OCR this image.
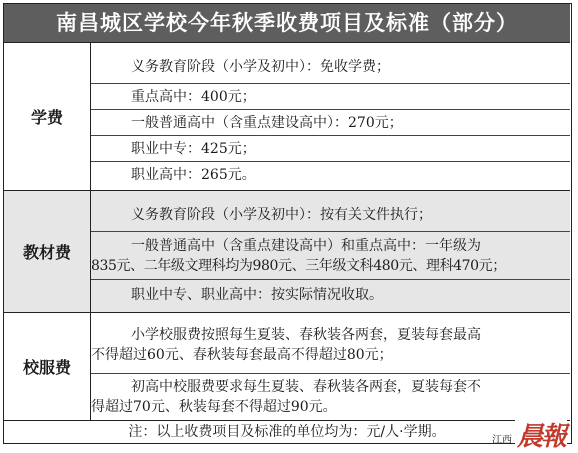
南昌城区学校今年秋季收费项目及标准（部分）
学费
义务教育阶段（小学及初中）：免收学费；
重点高中：400元；
一般普通高中（含重点建设高中）：270元；
职业中专：425元；
职业高中：265元。
教材费
义务教育阶段（小学及初中）：按有关文件执行；
一般普通高中（含重点建设高中）和重点高中：一年级为
835元、二年级文理科均为980元、三年级文科480元、理科470元；
职业中专、职业高中：按实际情况收取。
校服费
小学校服费按照每生夏装、春秋装各两套，夏装每套最高
不得超过60元、春秋装每套最高不得超过80元；
初高中校服费要求每生夏装、春秋装各两套，夏装每套不
得超过70元、秋装每套不得超过90元。
注：以上收费项目及标准的单位均为：元/人·学期。
江西 晨報
